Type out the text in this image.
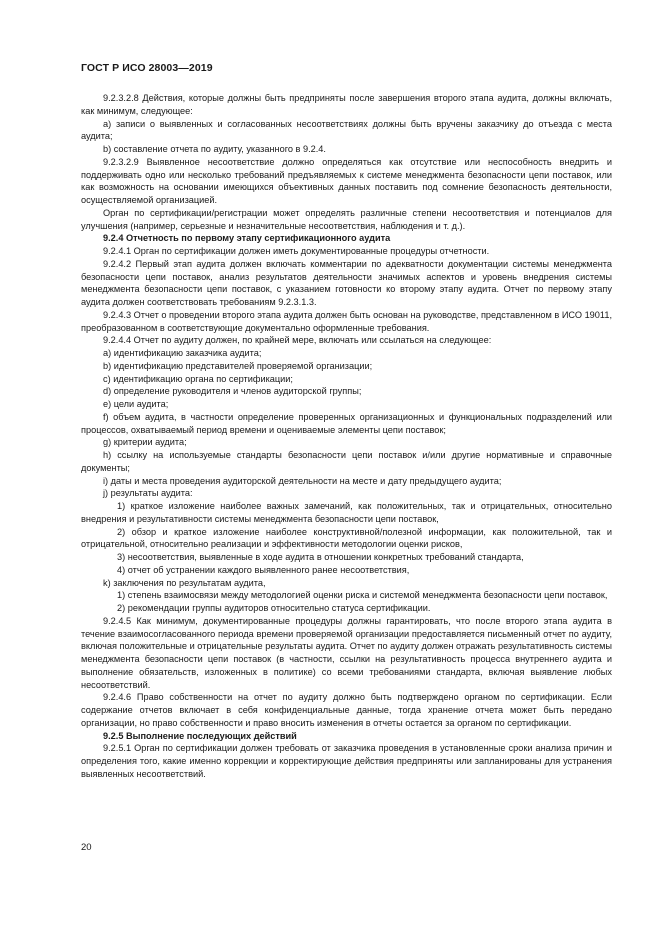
ГОСТ Р ИСО 28003—2019

9.2.3.2.8 Действия, которые должны быть предприняты после завершения второго этапа аудита, должны включать, как минимум, следующее:

a) записи о выявленных и согласованных несоответствиях должны быть вручены заказчику до отъезда с места аудита;

b) составление отчета по аудиту, указанного в 9.2.4.

9.2.3.2.9 Выявленное несоответствие должно определяться как отсутствие или неспособность внедрить и поддерживать одно или несколько требований предъявляемых к системе менеджмента безопасности цепи поставок, или как возможность на основании имеющихся объективных данных поставить под сомнение безопасность деятельности, осуществляемой организацией.

Орган по сертификации/регистрации может определять различные степени несоответствия и потенциалов для улучшения (например, серьезные и незначительные несоответствия, наблюдения и т. д.).

9.2.4 Отчетность по первому этапу сертификационного аудита

9.2.4.1 Орган по сертификации должен иметь документированные процедуры отчетности.

9.2.4.2 Первый этап аудита должен включать комментарии по адекватности документации системы менеджмента безопасности цепи поставок, анализ результатов деятельности значимых аспектов и уровень внедрения системы менеджмента безопасности цепи поставок, с указанием готовности ко второму этапу аудита. Отчет по первому этапу аудита должен соответствовать требованиям 9.2.3.1.3.

9.2.4.3 Отчет о проведении второго этапа аудита должен быть основан на руководстве, представленном в ИСО 19011, преобразованном в соответствующие документально оформленные требования.

9.2.4.4 Отчет по аудиту должен, по крайней мере, включать или ссылаться на следующее:

a) идентификацию заказчика аудита;

b) идентификацию представителей проверяемой организации;

c) идентификацию органа по сертификации;

d) определение руководителя и членов аудиторской группы;

e) цели аудита;

f) объем аудита, в частности определение проверенных организационных и функциональных подразделений или процессов, охватываемый период времени и оцениваемые элементы цепи поставок;

g) критерии аудита;

h) ссылку на используемые стандарты безопасности цепи поставок и/или другие нормативные и справочные документы;

i) даты и места проведения аудиторской деятельности на месте и дату предыдущего аудита;

j) результаты аудита:

1) краткое изложение наиболее важных замечаний, как положительных, так и отрицательных, относительно внедрения и результативности системы менеджмента безопасности цепи поставок,

2) обзор и краткое изложение наиболее конструктивной/полезной информации, как положительной, так и отрицательной, относительно реализации и эффективности методологии оценки рисков,

3) несоответствия, выявленные в ходе аудита в отношении конкретных требований стандарта,

4) отчет об устранении каждого выявленного ранее несоответствия,

k) заключения по результатам аудита,

1) степень взаимосвязи между методологией оценки риска и системой менеджмента безопасности цепи поставок,

2) рекомендации группы аудиторов относительно статуса сертификации.

9.2.4.5 Как минимум, документированные процедуры должны гарантировать, что после второго этапа аудита в течение взаимосогласованного периода времени проверяемой организации предоставляется письменный отчет по аудиту, включая положительные и отрицательные результаты аудита. Отчет по аудиту должен отражать результативность системы менеджмента безопасности цепи поставок (в частности, ссылки на результативность процесса внутреннего аудита и выполнение обязательств, изложенных в политике) со всеми требованиями стандарта, включая выявление любых несоответствий.

9.2.4.6 Право собственности на отчет по аудиту должно быть подтверждено органом по сертификации. Если содержание отчетов включает в себя конфиденциальные данные, тогда хранение отчета может быть передано организации, но право собственности и право вносить изменения в отчеты остается за органом по сертификации.

9.2.5 Выполнение последующих действий

9.2.5.1 Орган по сертификации должен требовать от заказчика проведения в установленные сроки анализа причин и определения того, какие именно коррекции и корректирующие действия предприняты или запланированы для устранения выявленных несоответствий.

20
